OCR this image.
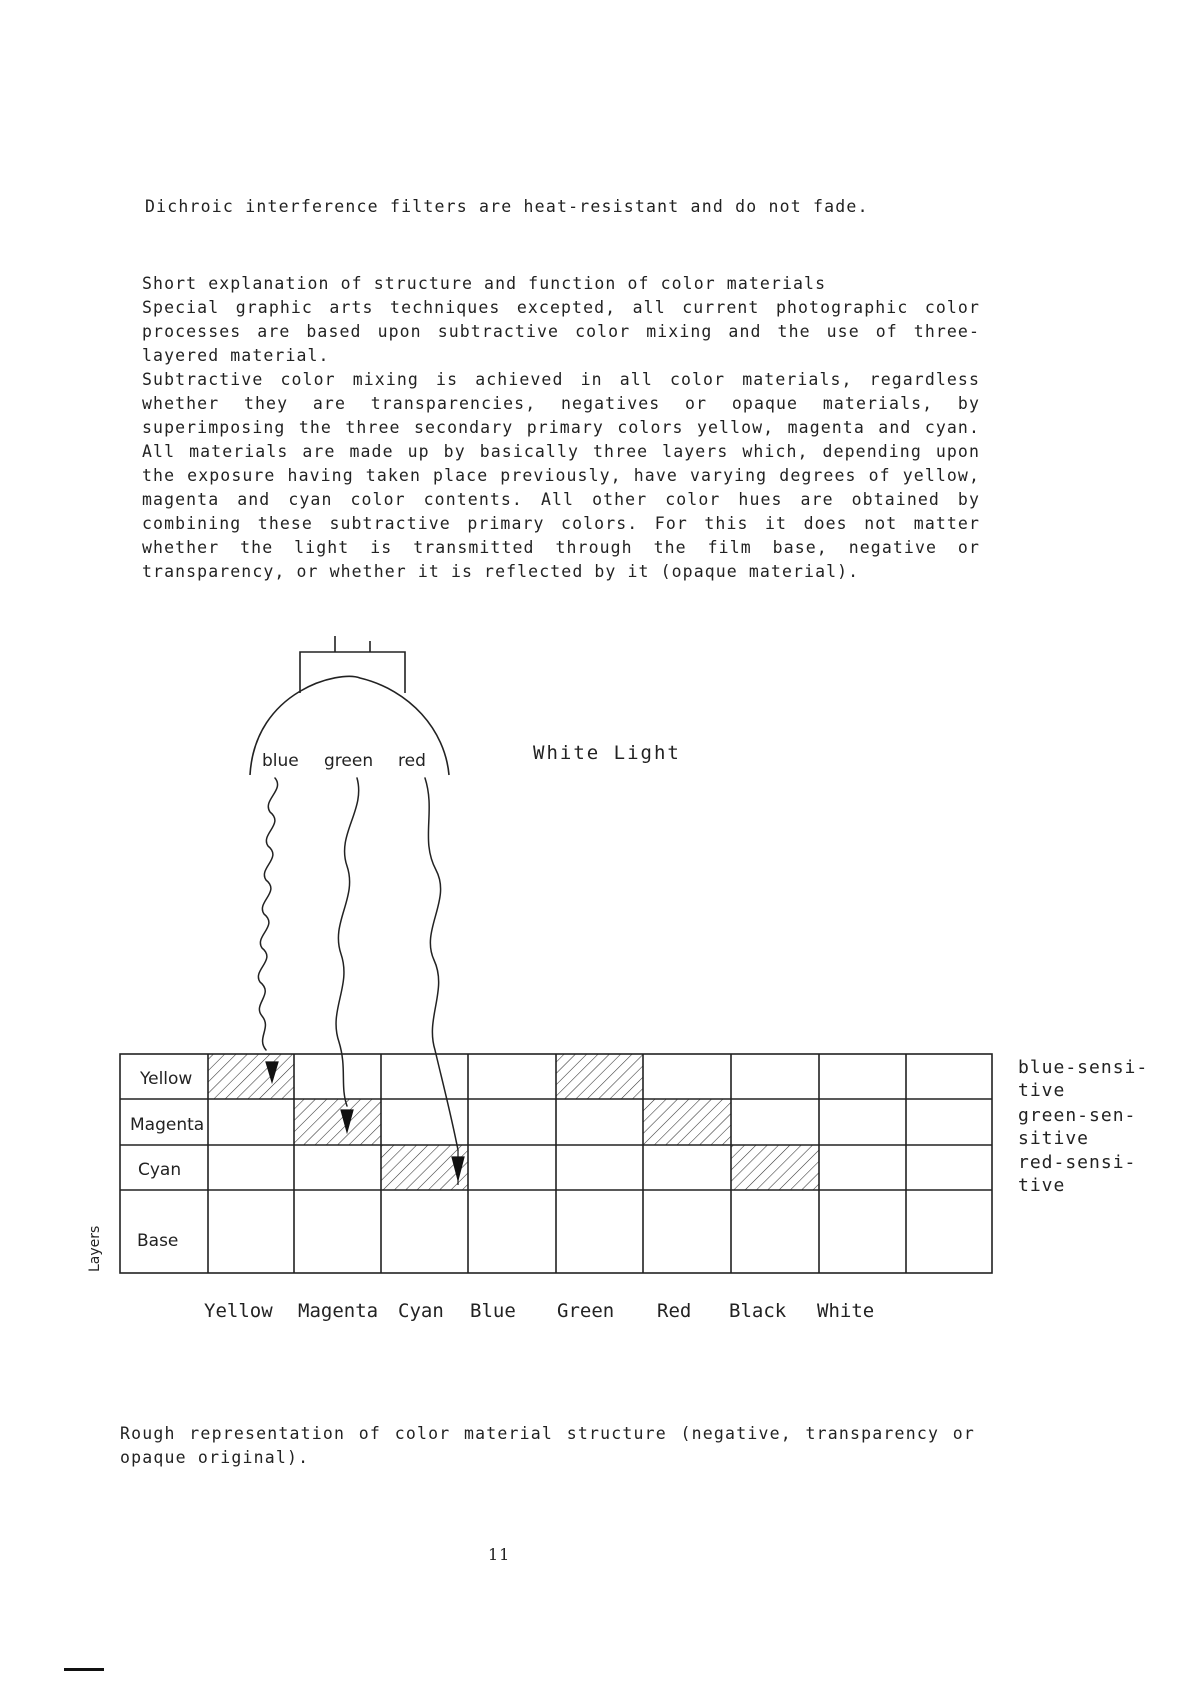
Dichroic interference filters are heat-resistant and do not fade.
Short explanation of structure and function of color materials
Special graphic arts techniques excepted, all current photographic color processes are based upon subtractive color mixing and the use of three-layered material.
Subtractive color mixing is achieved in all color materials, regardless whether they are transparencies, negatives or opaque materials, by superimposing the three secondary primary colors yellow, magenta and cyan. All materials are made up by basically three layers which, depending upon the exposure having taken place previously, have varying degrees of yellow, magenta and cyan color contents. All other color hues are obtained by combining these subtractive primary colors. For this it does not matter whether the light is transmitted through the film base, negative or transparency, or whether it is reflected by it (opaque material).
blue green red	White Light
Yellow
Magenta
Cyan
Base
Layers
Yellow Magenta Cyan Blue Green Red Black White
blue-sensi-
tive
green-sen-
sitive
red-sensi-
tive
Rough representation of color material structure (negative, transparency or opaque original).
11
